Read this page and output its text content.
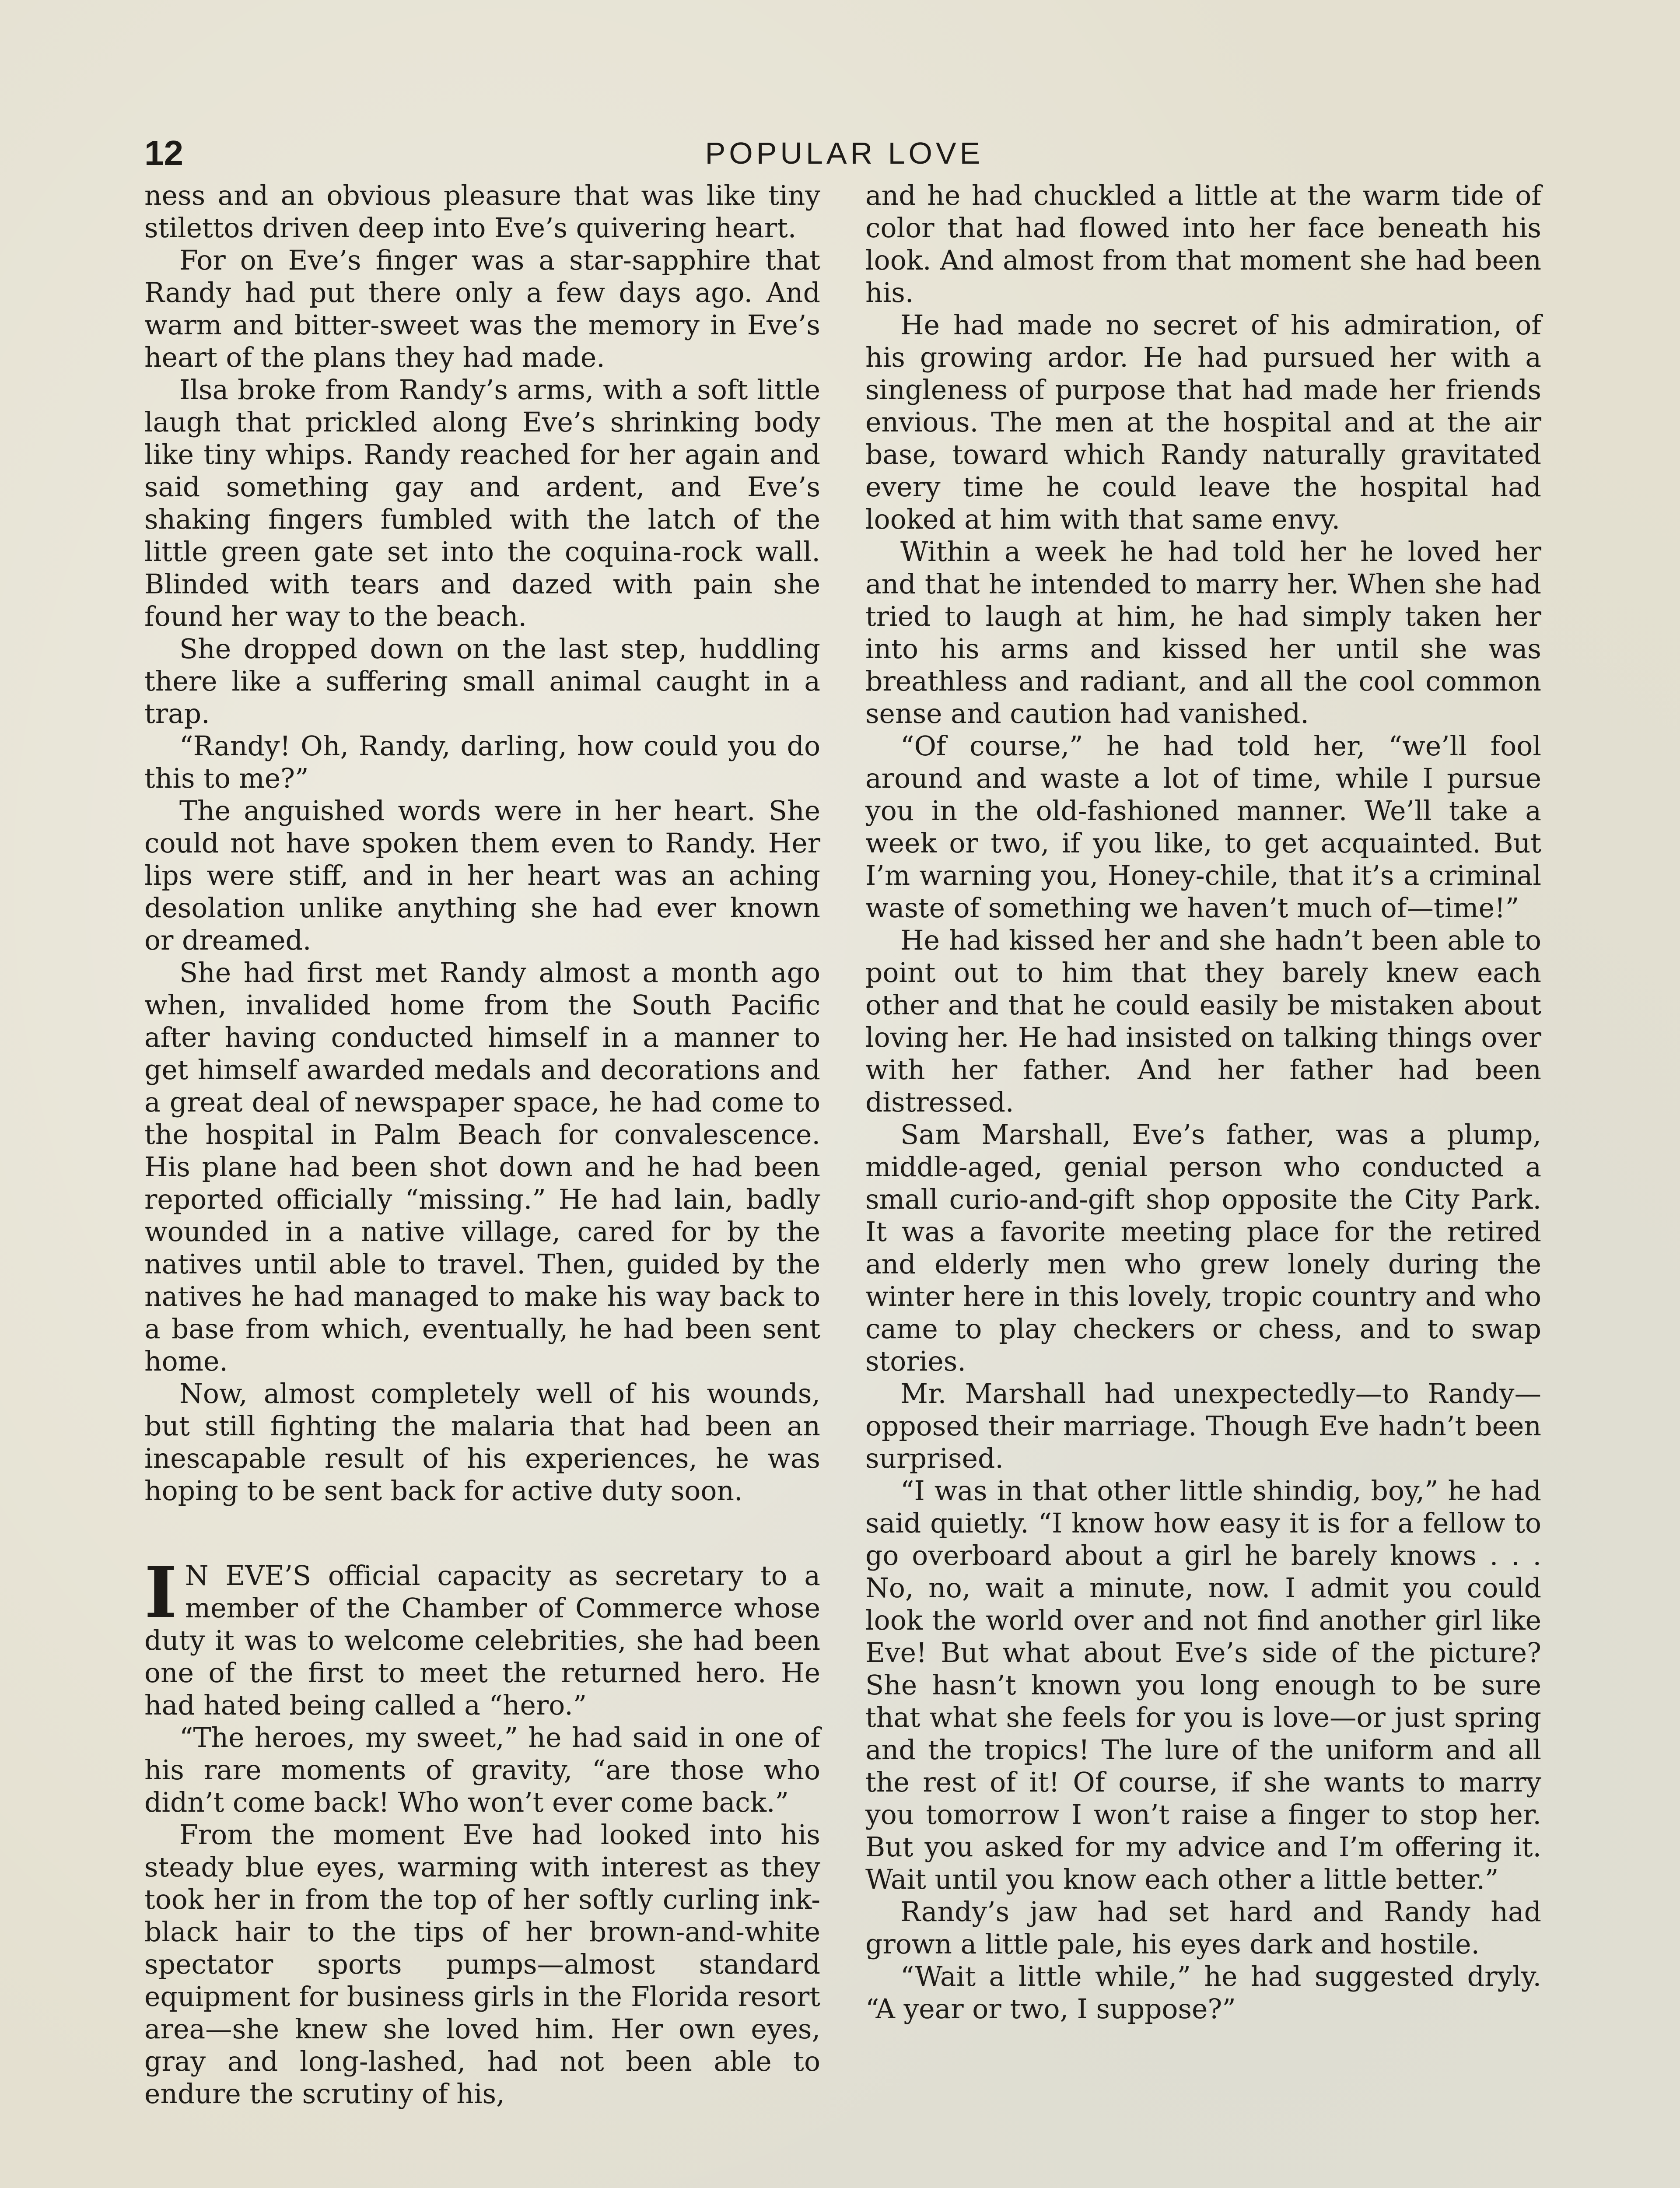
12	POPULAR LOVE

ness and an obvious pleasure that was like tiny stilettos driven deep into Eve’s quivering heart.

For on Eve’s finger was a star-sapphire that Randy had put there only a few days ago. And warm and bitter-sweet was the memory in Eve’s heart of the plans they had made.

Ilsa broke from Randy’s arms, with a soft little laugh that prickled along Eve’s shrinking body like tiny whips. Randy reached for her again and said something gay and ardent, and Eve’s shaking fingers fumbled with the latch of the little green gate set into the coquina-rock wall. Blinded with tears and dazed with pain she found her way to the beach.

She dropped down on the last step, huddling there like a suffering small animal caught in a trap.

“Randy! Oh, Randy, darling, how could you do this to me?”

The anguished words were in her heart. She could not have spoken them even to Randy. Her lips were stiff, and in her heart was an aching desolation unlike anything she had ever known or dreamed.

She had first met Randy almost a month ago when, invalided home from the South Pacific after having conducted himself in a manner to get himself awarded medals and decorations and a great deal of newspaper space, he had come to the hospital in Palm Beach for convalescence. His plane had been shot down and he had been reported officially “missing.” He had lain, badly wounded in a native village, cared for by the natives until able to travel. Then, guided by the natives he had managed to make his way back to a base from which, eventually, he had been sent home.

Now, almost completely well of his wounds, but still fighting the malaria that had been an inescapable result of his experiences, he was hoping to be sent back for active duty soon.

I N EVE’S official capacity as secretary to a member of the Chamber of Commerce whose duty it was to welcome celebrities, she had been one of the first to meet the returned hero. He had hated being called a “hero.”

“The heroes, my sweet,” he had said in one of his rare moments of gravity, “are those who didn’t come back! Who won’t ever come back.”

From the moment Eve had looked into his steady blue eyes, warming with interest as they took her in from the top of her softly curling ink-black hair to the tips of her brown-and-white spectator sports pumps—almost standard equipment for business girls in the Florida resort area—she knew she loved him. Her own eyes, gray and long-lashed, had not been able to endure the scrutiny of his,

and he had chuckled a little at the warm tide of color that had flowed into her face beneath his look. And almost from that moment she had been his.

He had made no secret of his admiration, of his growing ardor. He had pursued her with a singleness of purpose that had made her friends envious. The men at the hospital and at the air base, toward which Randy naturally gravitated every time he could leave the hospital had looked at him with that same envy.

Within a week he had told her he loved her and that he intended to marry her. When she had tried to laugh at him, he had simply taken her into his arms and kissed her until she was breathless and radiant, and all the cool common sense and caution had vanished.

“Of course,” he had told her, “we’ll fool around and waste a lot of time, while I pursue you in the old-fashioned manner. We’ll take a week or two, if you like, to get acquainted. But I’m warning you, Honey-chile, that it’s a criminal waste of something we haven’t much of—time!”

He had kissed her and she hadn’t been able to point out to him that they barely knew each other and that he could easily be mistaken about loving her. He had insisted on talking things over with her father. And her father had been distressed.

Sam Marshall, Eve’s father, was a plump, middle-aged, genial person who conducted a small curio-and-gift shop opposite the City Park. It was a favorite meeting place for the retired and elderly men who grew lonely during the winter here in this lovely, tropic country and who came to play checkers or chess, and to swap stories.

Mr. Marshall had unexpectedly—to Randy—opposed their marriage. Though Eve hadn’t been surprised.

“I was in that other little shindig, boy,” he had said quietly. “I know how easy it is for a fellow to go overboard about a girl he barely knows . . . No, no, wait a minute, now. I admit you could look the world over and not find another girl like Eve! But what about Eve’s side of the picture? She hasn’t known you long enough to be sure that what she feels for you is love—or just spring and the tropics! The lure of the uniform and all the rest of it! Of course, if she wants to marry you tomorrow I won’t raise a finger to stop her. But you asked for my advice and I’m offering it. Wait until you know each other a little better.”

Randy’s jaw had set hard and Randy had grown a little pale, his eyes dark and hostile.

“Wait a little while,” he had suggested dryly. “A year or two, I suppose?”
